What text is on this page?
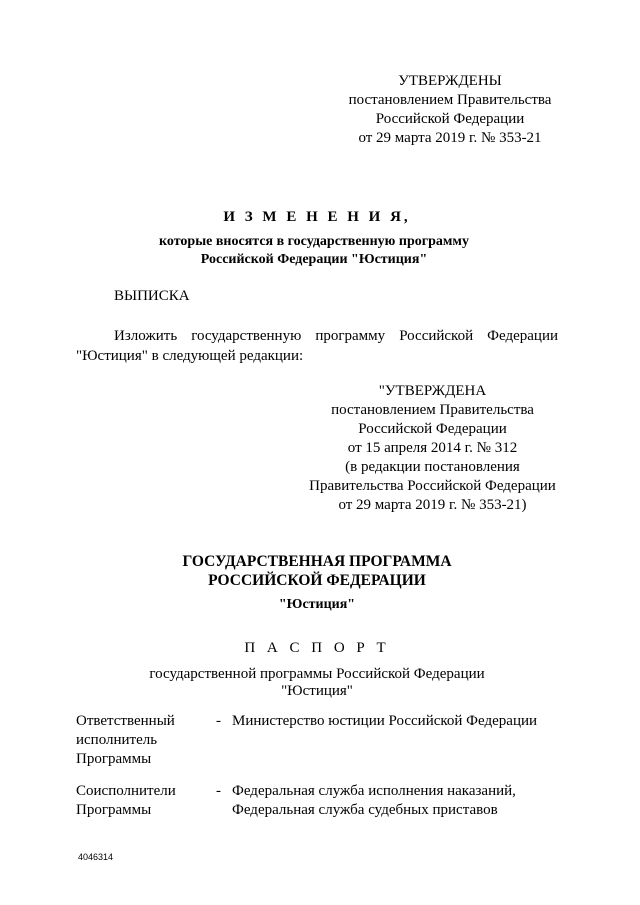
УТВЕРЖДЕНЫ
постановлением Правительства
Российской Федерации
от 29 марта 2019 г. № 353-21
И З М Е Н Е Н И Я,
которые вносятся в государственную программу
Российской Федерации "Юстиция"
ВЫПИСКА
Изложить государственную программу Российской Федерации
"Юстиция" в следующей редакции:
"УТВЕРЖДЕНА
постановлением Правительства
Российской Федерации
от 15 апреля 2014 г. № 312
(в редакции постановления
Правительства Российской Федерации
от 29 марта 2019 г. № 353-21)
ГОСУДАРСТВЕННАЯ ПРОГРАММА
РОССИЙСКОЙ ФЕДЕРАЦИИ
"Юстиция"
П А С П О Р Т
государственной программы Российской Федерации
"Юстиция"
Ответственный
исполнитель
Программы
- Министерство юстиции Российской Федерации
Соисполнители
Программы
- Федеральная служба исполнения наказаний,
Федеральная служба судебных приставов
4046314
